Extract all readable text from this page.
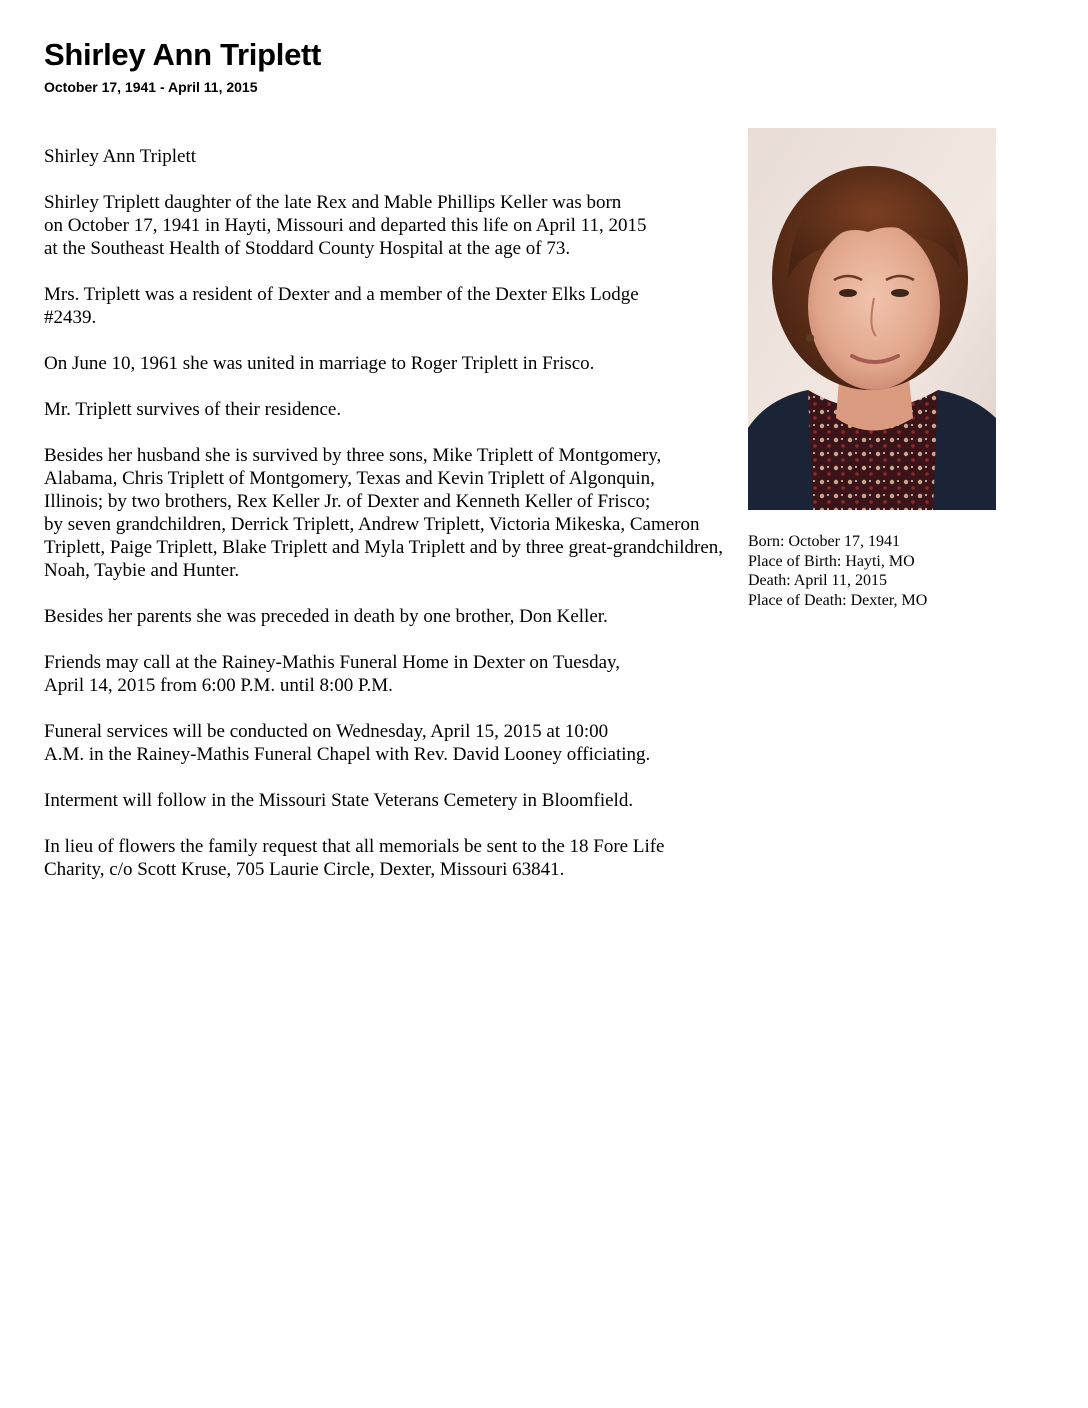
Shirley Ann Triplett
October 17, 1941 - April 11, 2015

Shirley Ann Triplett

Shirley Triplett daughter of the late Rex and Mable Phillips Keller was born
on October 17, 1941 in Hayti, Missouri and departed this life on April 11, 2015
at the Southeast Health of Stoddard County Hospital at the age of 73.

Mrs. Triplett was a resident of Dexter and a member of the Dexter Elks Lodge
#2439.

On June 10, 1961 she was united in marriage to Roger Triplett in Frisco.

Mr. Triplett survives of their residence.

Besides her husband she is survived by three sons, Mike Triplett of Montgomery,
Alabama, Chris Triplett of Montgomery, Texas and Kevin Triplett of Algonquin,
Illinois; by two brothers, Rex Keller Jr. of Dexter and Kenneth Keller of Frisco;
by seven grandchildren, Derrick Triplett, Andrew Triplett, Victoria Mikeska, Cameron
Triplett, Paige Triplett, Blake Triplett and Myla Triplett and by three great-grandchildren,
Noah, Taybie and Hunter.

Besides her parents she was preceded in death by one brother, Don Keller.

Friends may call at the Rainey-Mathis Funeral Home in Dexter on Tuesday,
April 14, 2015 from 6:00 P.M. until 8:00 P.M.

Funeral services will be conducted on Wednesday, April 15, 2015 at 10:00
A.M. in the Rainey-Mathis Funeral Chapel with Rev. David Looney officiating.

Interment will follow in the Missouri State Veterans Cemetery in Bloomfield.

In lieu of flowers the family request that all memorials be sent to the 18 Fore Life
Charity, c/o Scott Kruse, 705 Laurie Circle, Dexter, Missouri 63841.

Born: October 17, 1941
Place of Birth: Hayti, MO
Death: April 11, 2015
Place of Death: Dexter, MO
